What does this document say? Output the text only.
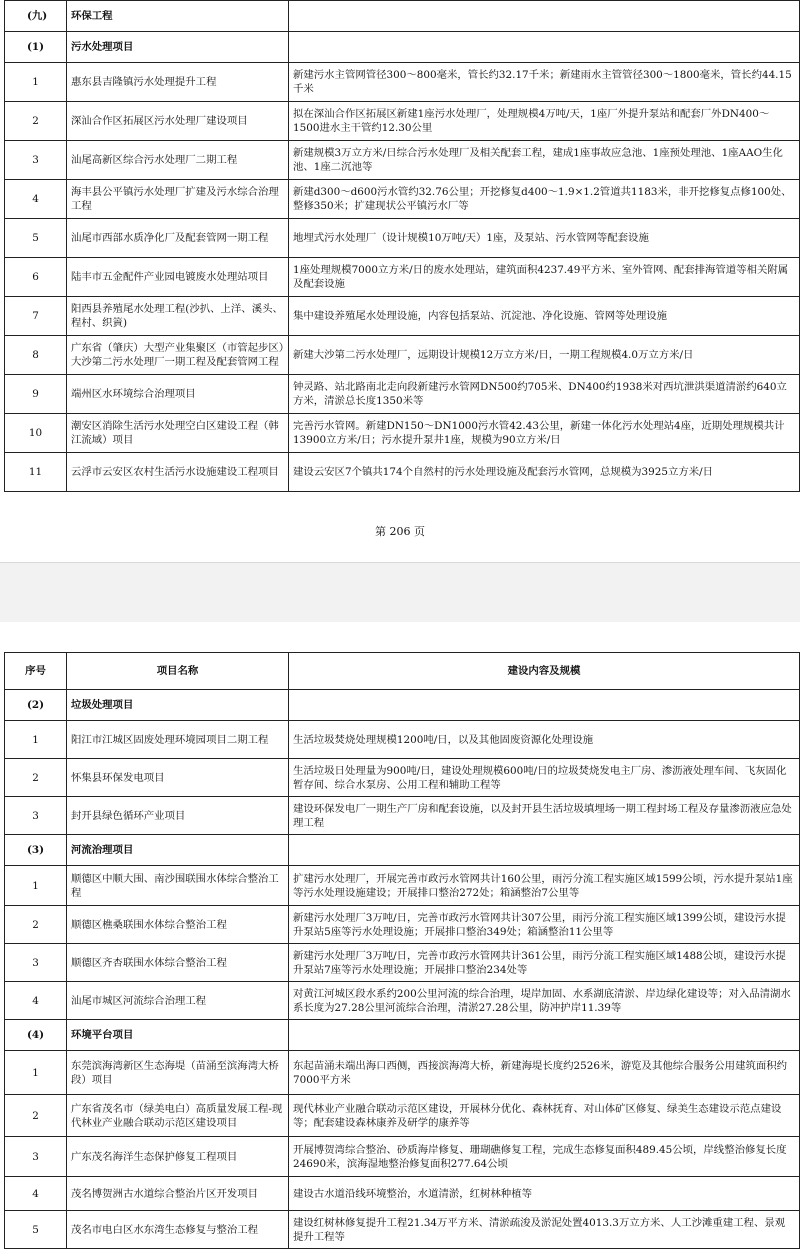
(九)	环保工程	
(1)	污水处理项目	
1	惠东县吉隆镇污水处理提升工程	新建污水主管网管径300～800毫米，管长约32.17千米；新建雨水主管管径300～1800毫米，管长约44.15千米
2	深汕合作区拓展区污水处理厂建设项目	拟在深汕合作区拓展区新建1座污水处理厂，处理规模4万吨/天，1座厂外提升泵站和配套厂外DN400～1500进水主干管约12.30公里
3	汕尾高新区综合污水处理厂二期工程	新建规模3万立方米/日综合污水处理厂及相关配套工程，建成1座事故应急池、1座预处理池、1座AAO生化池、1座二沉池等
4	海丰县公平镇污水处理厂扩建及污水综合治理工程	新建d300～d600污水管约32.76公里；开挖修复d400～1.9×1.2管道共1183米，非开挖修复点修100处、整修350米；扩建现状公平镇污水厂等
5	汕尾市西部水质净化厂及配套管网一期工程	地埋式污水处理厂（设计规模10万吨/天）1座，及泵站、污水管网等配套设施
6	陆丰市五金配件产业园电镀废水处理站项目	1座处理规模7000立方米/日的废水处理站，建筑面积4237.49平方米、室外管网、配套排海管道等相关附属及配套设施
7	阳西县养殖尾水处理工程(沙扒、上洋、溪头、程村、织篢)	集中建设养殖尾水处理设施，内容包括泵站、沉淀池、净化设施、管网等处理设施
8	广东省（肇庆）大型产业集聚区（市管起步区）大沙第二污水处理厂一期工程及配套管网工程	新建大沙第二污水处理厂，远期设计规模12万立方米/日，一期工程规模4.0万立方米/日
9	端州区水环境综合治理项目	钟灵路、站北路南北走向段新建污水管网DN500约705米、DN400约1938米对西坑泄洪渠道清淤约640立方米，清淤总长度1350米等
10	潮安区消除生活污水处理空白区建设工程（韩江流域）项目	完善污水管网。新建DN150～DN1000污水管42.43公里，新建一体化污水处理站4座，近期处理规模共计13900立方米/日；污水提升泵井1座，规模为90立方米/日
11	云浮市云安区农村生活污水设施建设工程项目	建设云安区7个镇共174个自然村的污水处理设施及配套污水管网，总规模为3925立方米/日
第 206 页
序号	项目名称	建设内容及规模
(2)	垃圾处理项目	
1	阳江市江城区固废处理环境园项目二期工程	生活垃圾焚烧处理规模1200吨/日，以及其他固废资源化处理设施
2	怀集县环保发电项目	生活垃圾日处理量为900吨/日，建设处理规模600吨/日的垃圾焚烧发电主厂房、渗沥液处理车间、飞灰固化暂存间、综合水泵房、公用工程和辅助工程等
3	封开县绿色循环产业项目	建设环保发电厂一期生产厂房和配套设施，以及封开县生活垃圾填埋场一期工程封场工程及存量渗沥液应急处理工程
(3)	河流治理项目	
1	顺德区中顺大围、南沙围联围水体综合整治工程	扩建污水处理厂，开展完善市政污水管网共计160公里，雨污分流工程实施区域1599公顷，污水提升泵站1座等污水处理设施建设；开展排口整治272处；箱涵整治7公里等
2	顺德区樵桑联围水体综合整治工程	新建污水处理厂3万吨/日，完善市政污水管网共计307公里，雨污分流工程实施区域1399公顷，建设污水提升泵站5座等污水处理设施；开展排口整治349处；箱涵整治11公里等
3	顺德区齐杏联围水体综合整治工程	新建污水处理厂3万吨/日，完善市政污水管网共计361公里，雨污分流工程实施区域1488公顷，建设污水提升泵站7座等污水处理设施；开展排口整治234处等
4	汕尾市城区河流综合治理工程	对黄江河城区段水系约200公里河流的综合治理，堤岸加固、水系湖底清淤、岸边绿化建设等；对入品清湖水系长度为27.28公里河流综合治理，清淤27.28公里，防冲护岸11.39等
(4)	环境平台项目	
1	东莞滨海湾新区生态海堤（苗涌至滨海湾大桥段）项目	东起苗涌未端出海口西侧，西接滨海湾大桥，新建海堤长度约2526米，游览及其他综合服务公用建筑面积约7000平方米
2	广东省茂名市（绿美电白）高质量发展工程-现代林业产业融合联动示范区建设项目	现代林业产业融合联动示范区建设，开展林分优化、森林抚育、对山体矿区修复、绿美生态建设示范点建设等；配套建设森林康养及研学的康养等
3	广东茂名海洋生态保护修复工程项目	开展博贺湾综合整治、砂质海岸修复、珊瑚礁修复工程，完成生态修复面积489.45公顷，岸线整治修复长度24690米，滨海湿地整治修复面积277.64公顷
4	茂名博贺洲古水道综合整治片区开发项目	建设古水道沿线环境整治，水道清淤，红树林种植等
5	茂名市电白区水东湾生态修复与整治工程	建设红树林修复提升工程21.34万平方米、清淤疏浚及淤泥处置4013.3万立方米、人工沙滩重建工程、景观提升工程等
